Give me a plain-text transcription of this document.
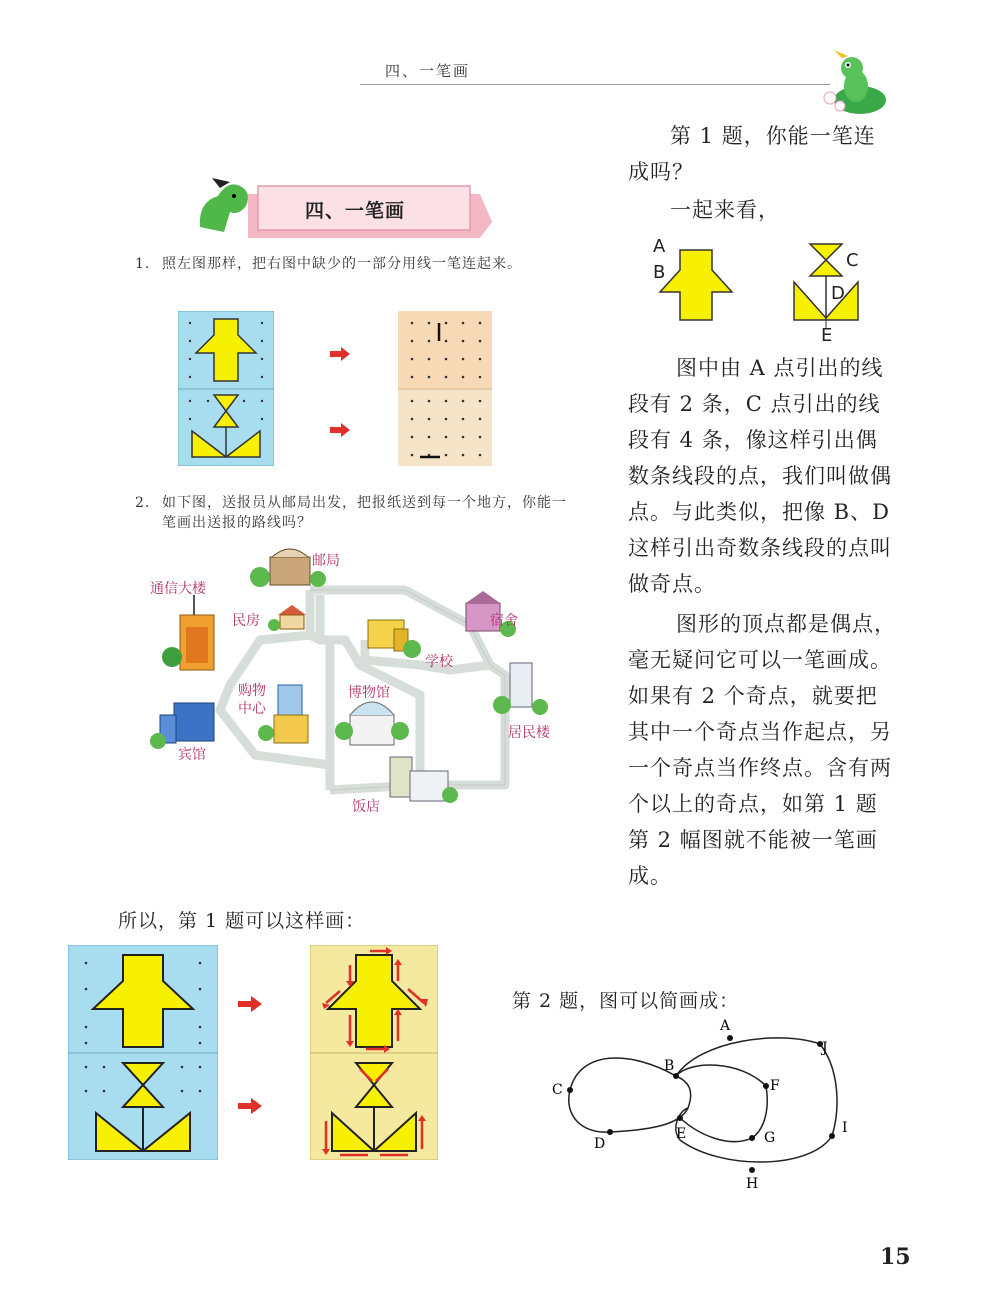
四、一笔画
四、一笔画
1. 照左图那样，把右图中缺少的一部分用线一笔连起来。
2. 如下图，送报员从邮局出发，把报纸送到每一个地方，你能一笔画出送报的路线吗？
邮局
通信大楼
民房	宿舍
学校
购物中心
博物馆
居民楼
宾馆
饭店
第 1 题，你能一笔连成吗？
一起来看，
A
B
C
D
E
图中由 A 点引出的线段有 2 条，C 点引出的线段有 4 条，像这样引出偶数条线段的点，我们叫做偶点。与此类似，把像 B、D 这样引出奇数条线段的点叫做奇点。
图形的顶点都是偶点，毫无疑问它可以一笔画成。如果有 2 个奇点，就要把其中一个奇点当作起点，另一个奇点当作终点。含有两个以上的奇点，如第 1 题第 2 幅图就不能被一笔画成。
所以，第 1 题可以这样画：
第 2 题，图可以简画成：
A
B
C
D
E
F
G
H
I
J
15
